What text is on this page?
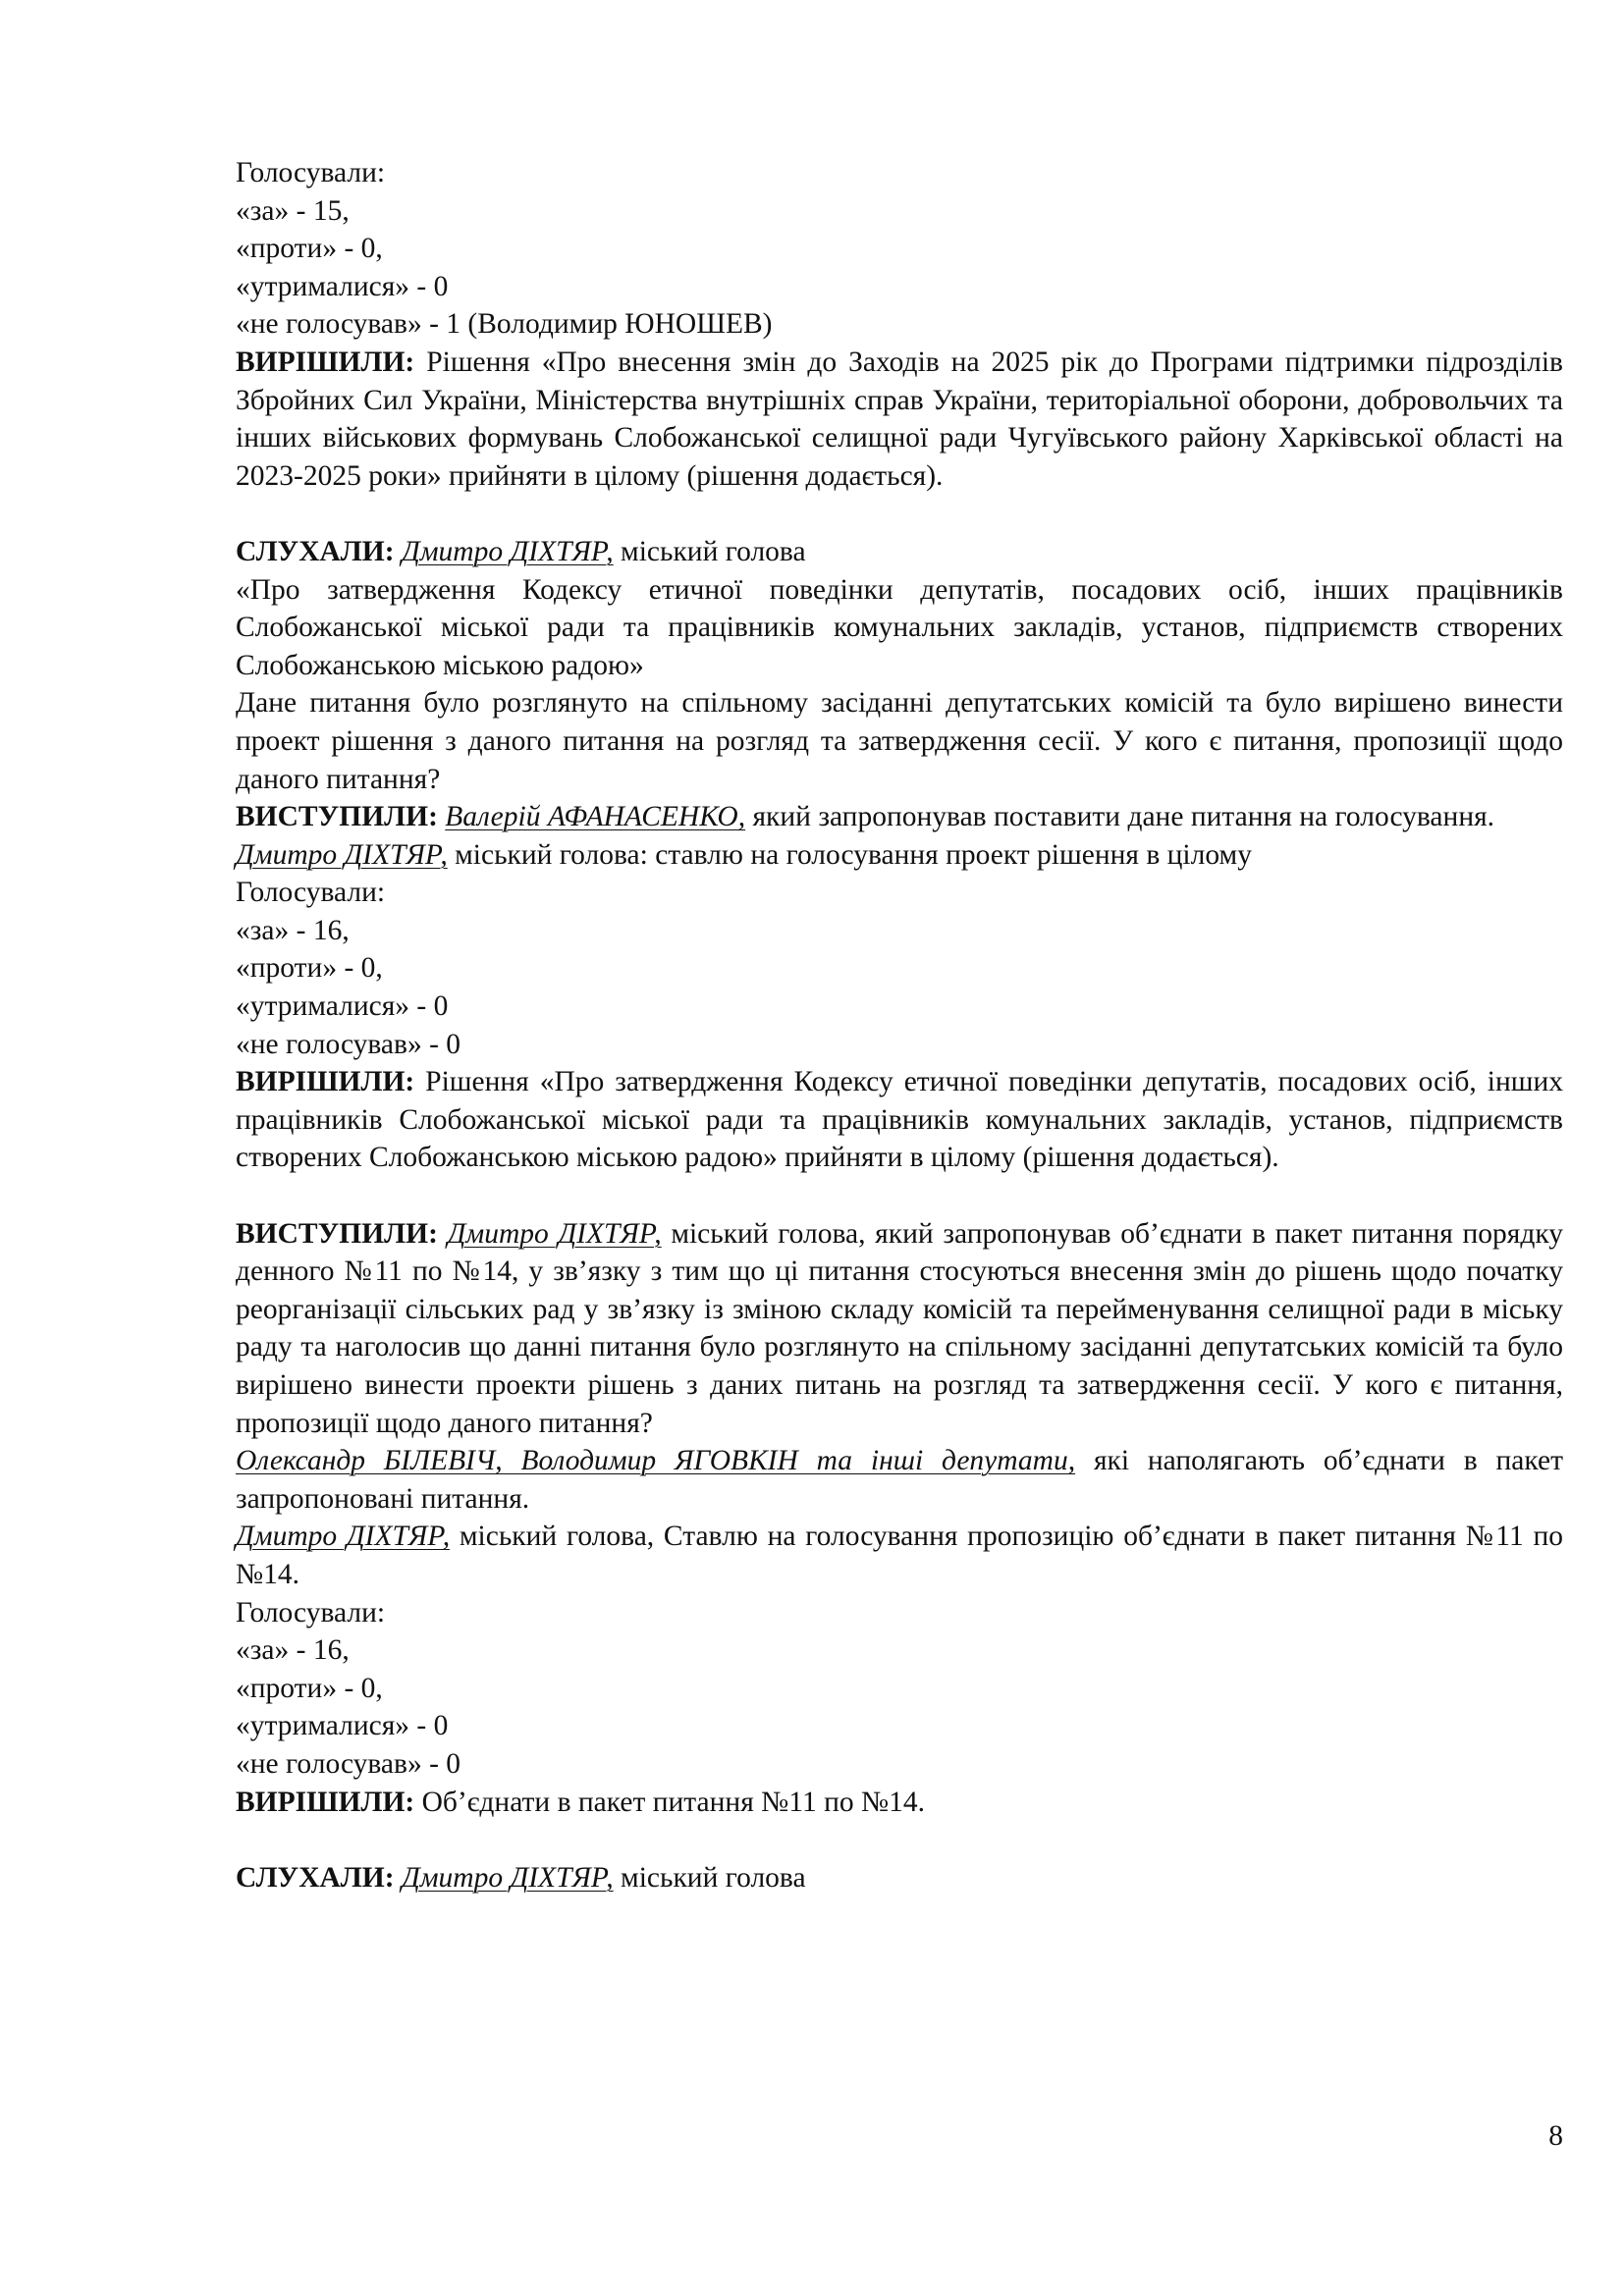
Голосували:
«за» - 15,
«проти» - 0,
«утрималися» - 0
«не голосував» - 1 (Володимир ЮНОШЕВ)
ВИРІШИЛИ: Рішення «Про внесення змін до Заходів на 2025 рік до Програми підтримки підрозділів Збройних Сил України, Міністерства внутрішніх справ України, територіальної оборони, добровольчих та інших військових формувань Слобожанської селищної ради Чугуївського району Харківської області на 2023-2025 роки» прийняти в цілому (рішення додається).
СЛУХАЛИ: Дмитро ДІХТЯР, міський голова
«Про затвердження Кодексу етичної поведінки депутатів, посадових осіб, інших працівників Слобожанської міської ради та працівників комунальних закладів, установ, підприємств створених Слобожанською міською радою»
Дане питання було розглянуто на спільному засіданні депутатських комісій та було вирішено винести проект рішення з даного питання на розгляд та затвердження сесії. У кого є питання, пропозиції щодо даного питання?
ВИСТУПИЛИ: Валерій АФАНАСЕНКО, який запропонував поставити дане питання на голосування.
Дмитро ДІХТЯР, міський голова: ставлю на голосування проект рішення в цілому
Голосували:
«за» - 16,
«проти» - 0,
«утрималися» - 0
«не голосував» - 0
ВИРІШИЛИ: Рішення «Про затвердження Кодексу етичної поведінки депутатів, посадових осіб, інших працівників Слобожанської міської ради та працівників комунальних закладів, установ, підприємств створених Слобожанською міською радою» прийняти в цілому (рішення додається).
ВИСТУПИЛИ: Дмитро ДІХТЯР, міський голова, який запропонував об’єднати в пакет питання порядку денного №11 по №14, у зв’язку з тим що ці питання стосуються внесення змін до рішень щодо початку реорганізації сільських рад у зв’язку із зміною складу комісій та перейменування селищної ради в міську раду та наголосив що данні питання було розглянуто на спільному засіданні депутатських комісій та було вирішено винести проекти рішень з даних питань на розгляд та затвердження сесії. У кого є питання, пропозиції щодо даного питання?
Олександр БІЛЕВІЧ, Володимир ЯГОВКІН та інші депутати, які наполягають об’єднати в пакет запропоновані питання.
Дмитро ДІХТЯР, міський голова, Ставлю на голосування пропозицію об’єднати в пакет питання №11 по №14.
Голосували:
«за» - 16,
«проти» - 0,
«утрималися» - 0
«не голосував» - 0
ВИРІШИЛИ: Об’єднати в пакет питання №11 по №14.
СЛУХАЛИ: Дмитро ДІХТЯР, міський голова
8
